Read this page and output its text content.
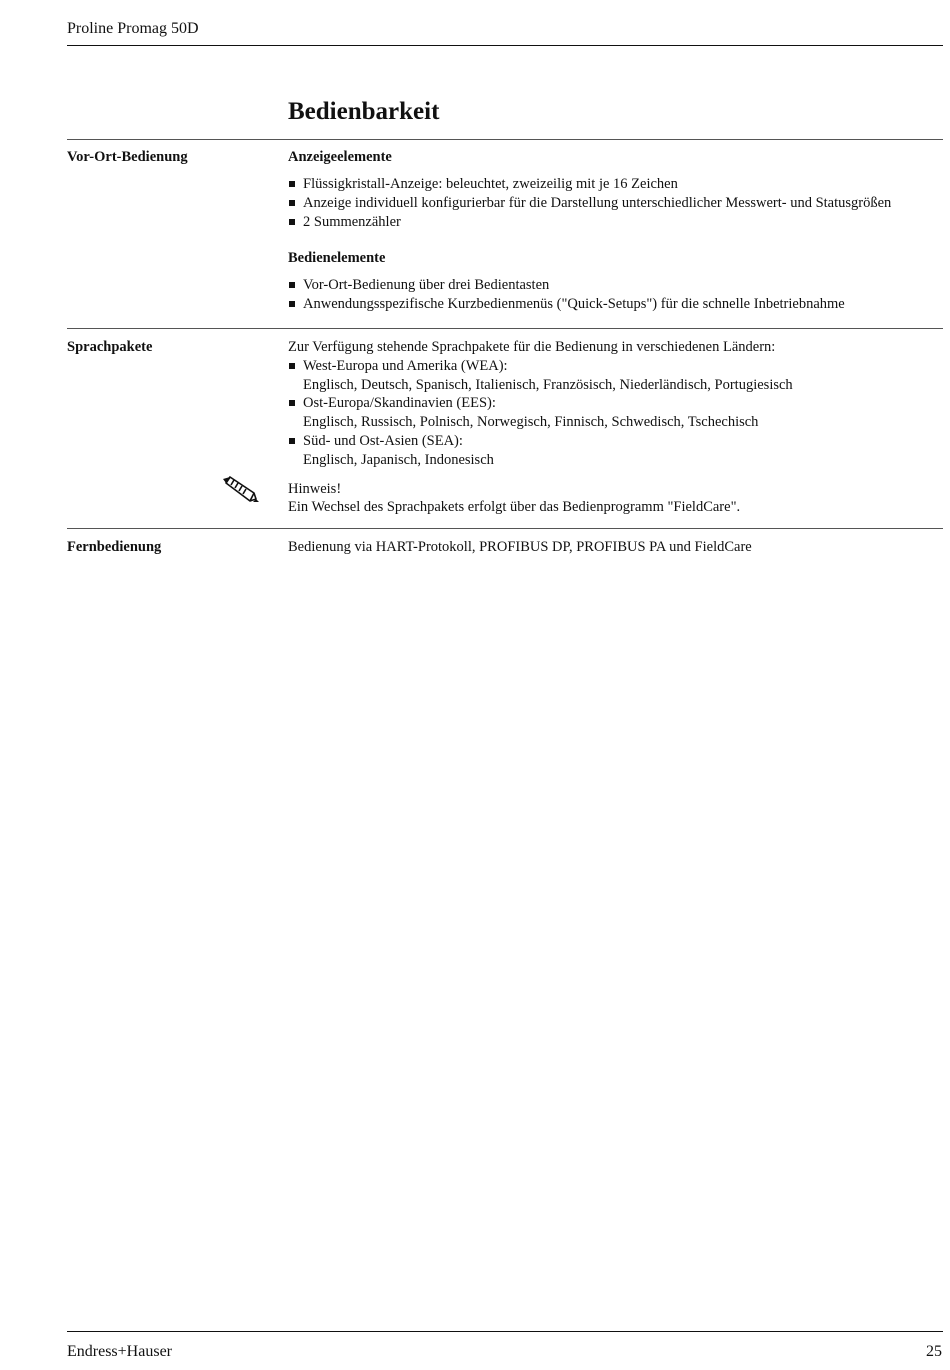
Proline Promag 50D
Bedienbarkeit
Vor-Ort-Bedienung	Anzeigeelemente
Flüssigkristall-Anzeige: beleuchtet, zweizeilig mit je 16 Zeichen
Anzeige individuell konfigurierbar für die Darstellung unterschiedlicher Messwert- und Statusgrößen
2 Summenzähler
Bedienelemente
Vor-Ort-Bedienung über drei Bedientasten
Anwendungsspezifische Kurzbedienmenüs ("Quick-Setups") für die schnelle Inbetriebnahme
Sprachpakete	Zur Verfügung stehende Sprachpakete für die Bedienung in verschiedenen Ländern:
West-Europa und Amerika (WEA):
Englisch, Deutsch, Spanisch, Italienisch, Französisch, Niederländisch, Portugiesisch
Ost-Europa/Skandinavien (EES):
Englisch, Russisch, Polnisch, Norwegisch, Finnisch, Schwedisch, Tschechisch
Süd- und Ost-Asien (SEA):
Englisch, Japanisch, Indonesisch
Hinweis!
Ein Wechsel des Sprachpakets erfolgt über das Bedienprogramm "FieldCare".
Fernbedienung	Bedienung via HART-Protokoll, PROFIBUS DP, PROFIBUS PA und FieldCare
Endress+Hauser	25
